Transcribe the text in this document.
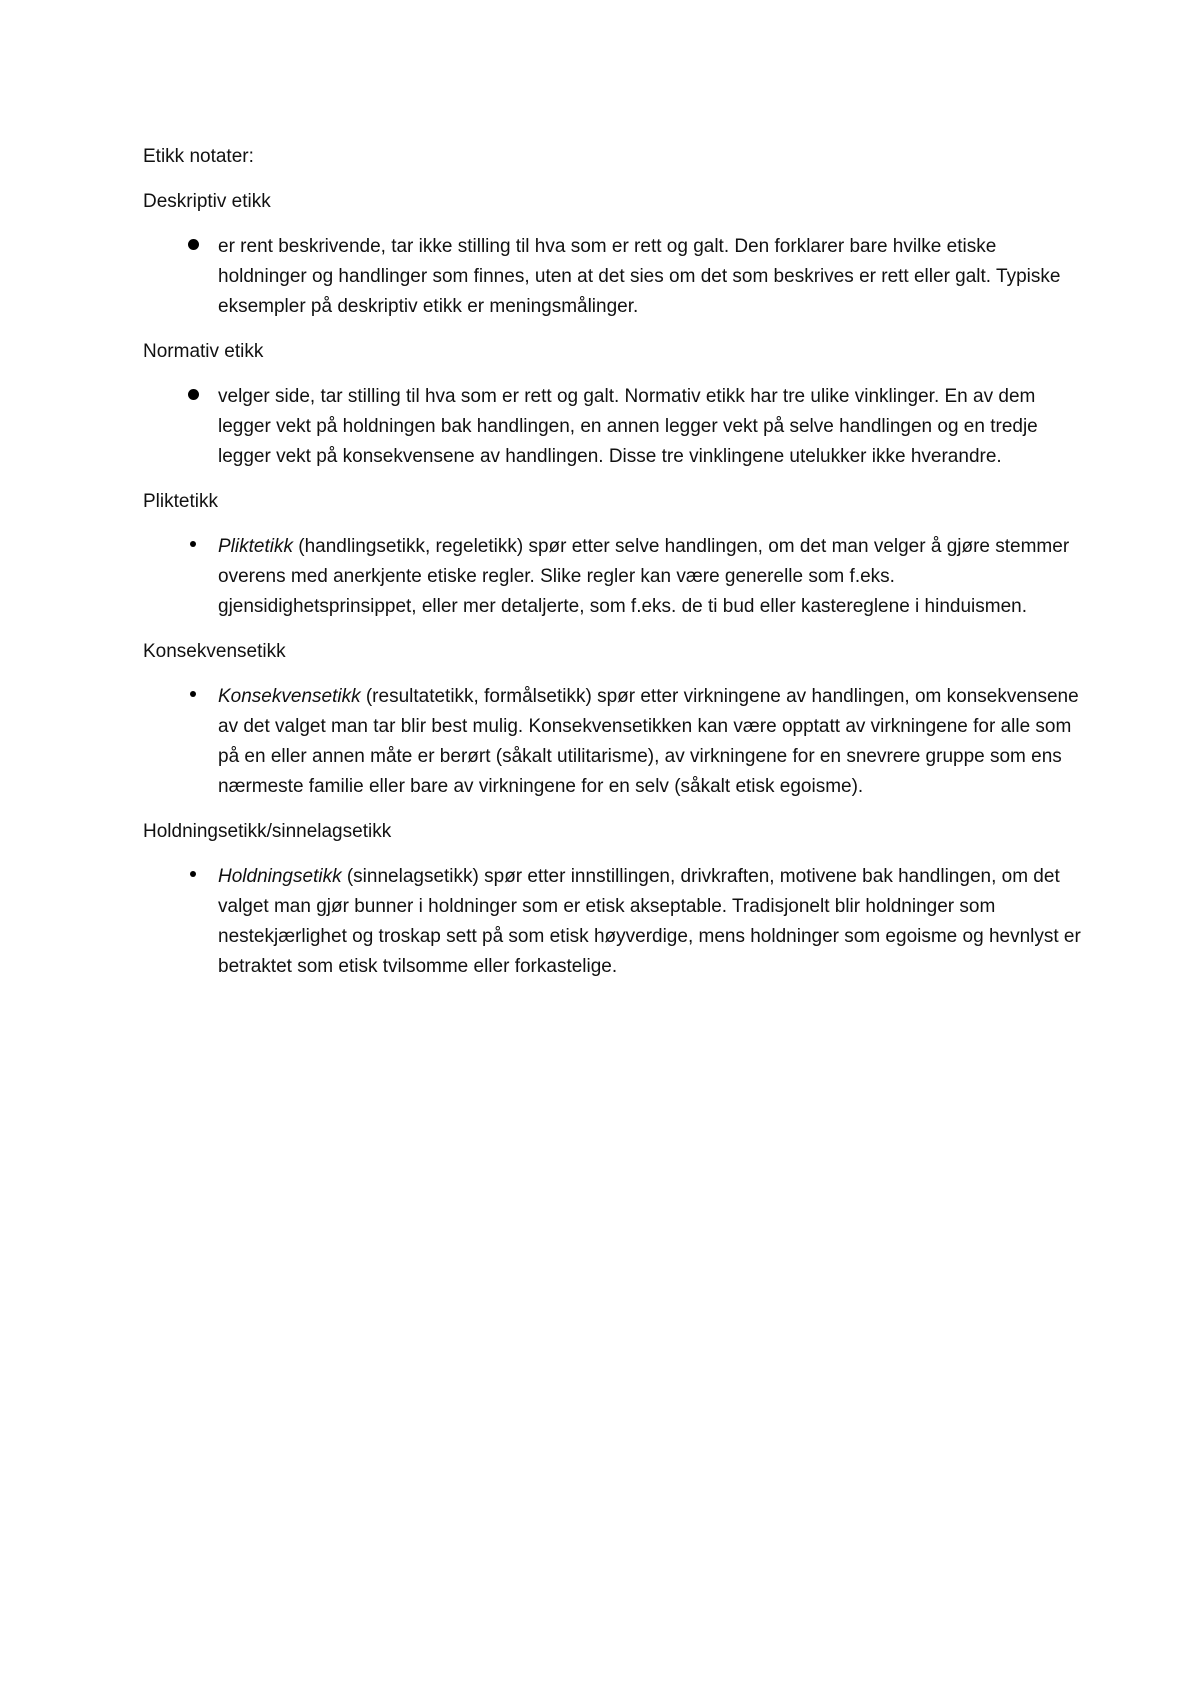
Etikk notater:

Deskriptiv etikk

er rent beskrivende, tar ikke stilling til hva som er rett og galt. Den forklarer bare hvilke etiske holdninger og handlinger som finnes, uten at det sies om det som beskrives er rett eller galt. Typiske eksempler på deskriptiv etikk er meningsmålinger.

Normativ etikk

velger side, tar stilling til hva som er rett og galt. Normativ etikk har tre ulike vinklinger. En av dem legger vekt på holdningen bak handlingen, en annen legger vekt på selve handlingen og en tredje legger vekt på konsekvensene av handlingen. Disse tre vinklingene utelukker ikke hverandre.

Pliktetikk

Pliktetikk (handlingsetikk, regeletikk) spør etter selve handlingen, om det man velger å gjøre stemmer overens med anerkjente etiske regler. Slike regler kan være generelle som f.eks. gjensidighetsprinsippet, eller mer detaljerte, som f.eks. de ti bud eller kastereglene i hinduismen.

Konsekvensetikk

Konsekvensetikk (resultatetikk, formålsetikk) spør etter virkningene av handlingen, om konsekvensene av det valget man tar blir best mulig. Konsekvensetikken kan være opptatt av virkningene for alle som på en eller annen måte er berørt (såkalt utilitarisme), av virkningene for en snevrere gruppe som ens nærmeste familie eller bare av virkningene for en selv (såkalt etisk egoisme).

Holdningsetikk/sinnelagsetikk

Holdningsetikk (sinnelagsetikk) spør etter innstillingen, drivkraften, motivene bak handlingen, om det valget man gjør bunner i holdninger som er etisk akseptable. Tradisjonelt blir holdninger som nestekjærlighet og troskap sett på som etisk høyverdige, mens holdninger som egoisme og hevnlyst er betraktet som etisk tvilsomme eller forkastelige.
